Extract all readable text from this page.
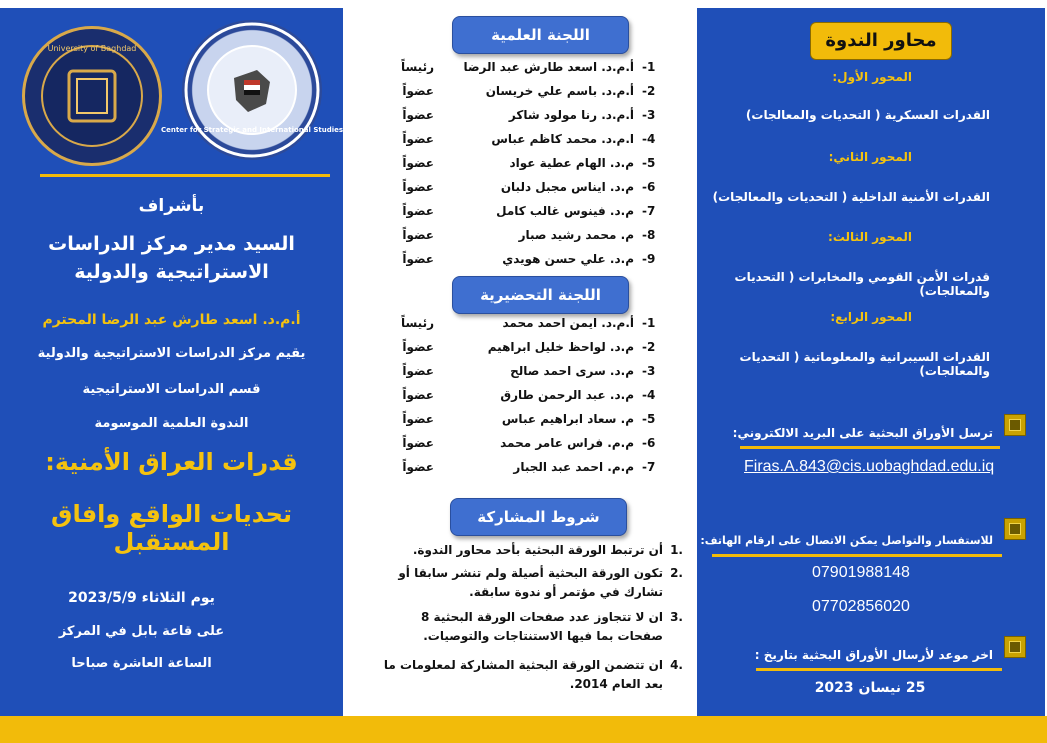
Center for Strategic and International Studies
University of Baghdad
بأشراف
السيد مدير مركز الدراسات الاستراتيجية والدولية
أ.م.د. اسعد طارش عبد الرضا المحترم
يقيم مركز الدراسات الاستراتيجية والدولية
قسم الدراسات الاستراتيجية
الندوة العلمية الموسومة
قدرات العراق الأمنية:
تحديات الواقع وافاق المستقبل
يوم الثلاثاء 2023/5/9
على قاعة بابل في المركز
الساعة العاشرة صباحا
اللجنة العلمية
-1
أ.م.د. اسعد طارش عبد الرضا
رئيساً
-2
أ.م.د. باسم علي خريسان
عضواً
-3
أ.م.د. رنا مولود شاكر
عضواً
-4
ا.م.د. محمد كاظم عباس
عضواً
-5
م.د. الهام عطية عواد
عضواً
-6
م.د. ايناس مجبل دلبان
عضواً
-7
م.د. فينوس غالب كامل
عضواً
-8
م. محمد رشيد صبار
عضواً
-9
م.د. علي حسن هويدي
عضواً
اللجنة التحضيرية
-1
أ.م.د. ايمن احمد محمد
رئيساً
-2
م.د. لواحظ خليل ابراهيم
عضواً
-3
م.د. سرى احمد صالح
عضواً
-4
م.د. عبد الرحمن طارق
عضواً
-5
م. سعاد ابراهيم عباس
عضواً
-6
م.م. فراس عامر محمد
عضواً
-7
م.م. احمد عبد الجبار
عضواً
شروط المشاركة
1.
أن ترتبط الورقة البحثية بأحد محاور الندوة.
2.
تكون الورقة البحثية أصيلة ولم تنشر سابقا أو تشارك في مؤتمر أو ندوة سابقة.
3.
ان لا تتجاوز عدد صفحات الورقة البحثية 8 صفحات بما فيها الاستنتاجات والتوصيات.
4.
ان تتضمن الورقة البحثية المشاركة لمعلومات ما بعد العام 2014.
محاور الندوة
المحور الأول:
القدرات العسكرية ( التحديات والمعالجات)
المحور الثاني:
القدرات الأمنية الداخلية ( التحديات والمعالجات)
المحور الثالث:
قدرات الأمن القومي والمخابرات ( التحديات والمعالجات)
المحور الرابع:
القدرات السيبرانية والمعلوماتية ( التحديات والمعالجات)
ترسل الأوراق البحثية على البريد الالكتروني:
Firas.A.843@cis.uobaghdad.edu.iq
للاستفسار والتواصل يمكن الاتصال على ارقام الهاتف:
07901988148
07702856020
اخر موعد لأرسال الأوراق البحثية بتاريخ :
25 نيسان 2023
